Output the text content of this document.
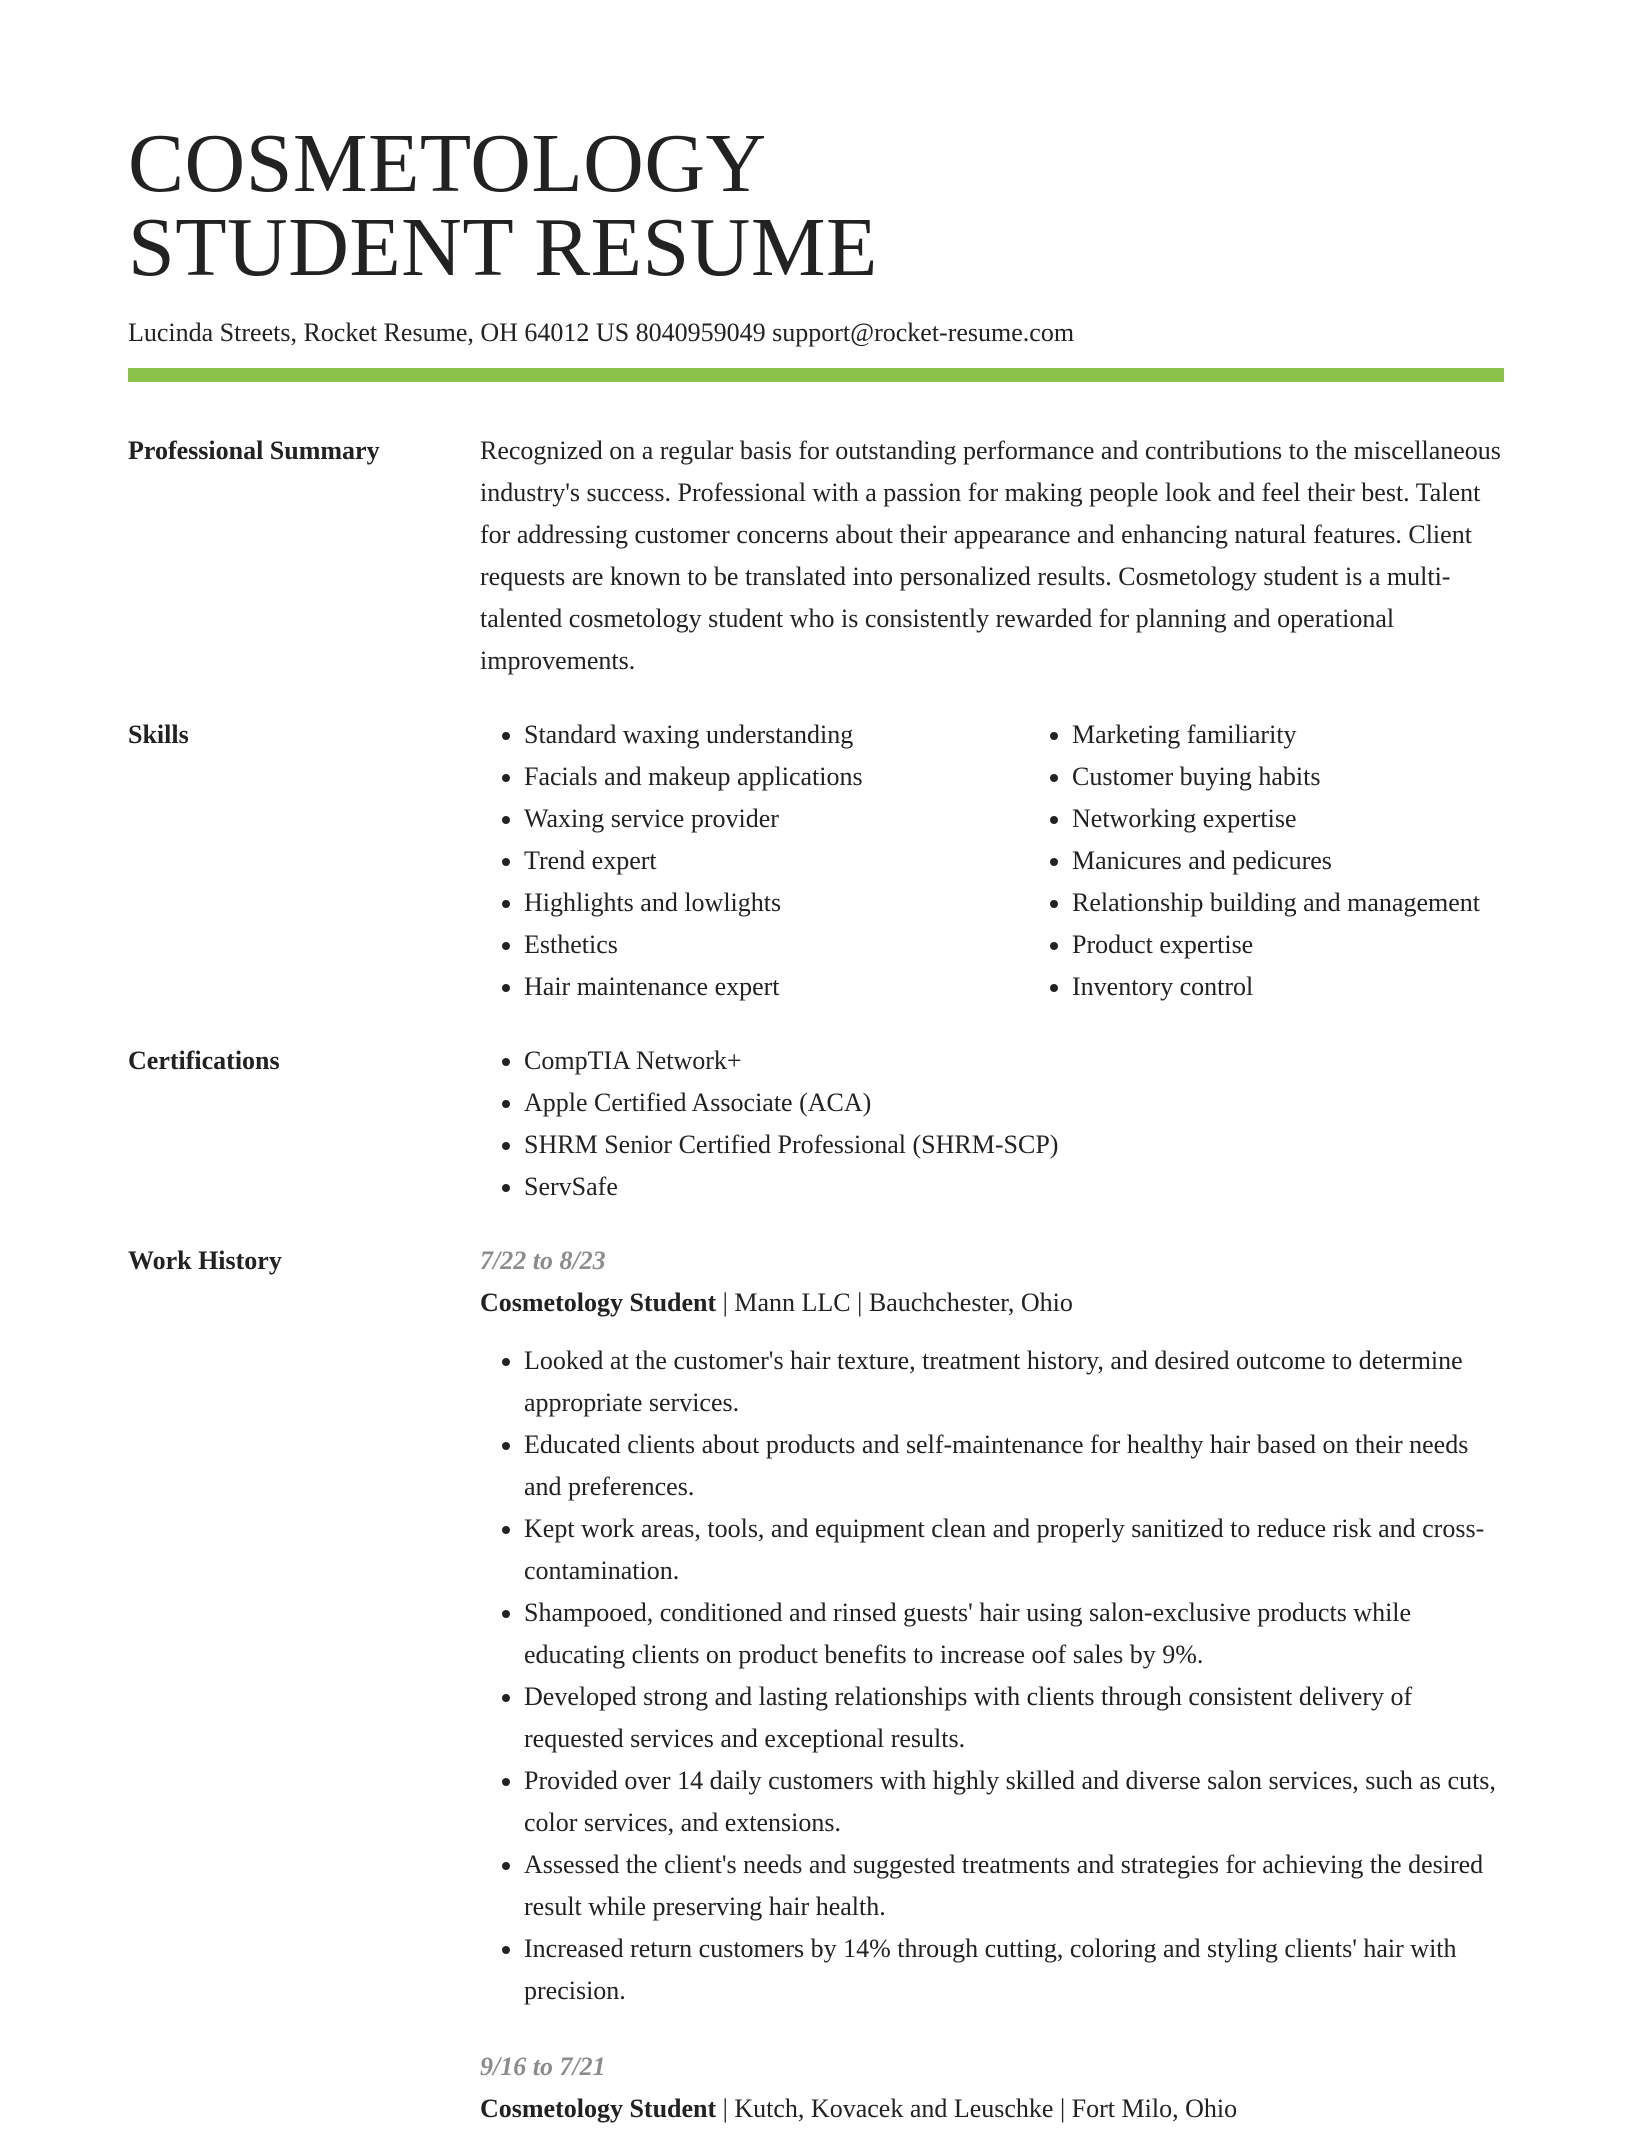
COSMETOLOGY
STUDENT RESUME
Lucinda Streets, Rocket Resume, OH 64012 US 8040959049 support@rocket-resume.com
Professional Summary	Recognized on a regular basis for outstanding performance and contributions to the miscellaneous industry's success. Professional with a passion for making people look and feel their best. Talent for addressing customer concerns about their appearance and enhancing natural features. Client requests are known to be translated into personalized results. Cosmetology student is a multi-talented cosmetology student who is consistently rewarded for planning and operational improvements.
Skills	• Standard waxing understanding
• Facials and makeup applications
• Waxing service provider
• Trend expert
• Highlights and lowlights
• Esthetics
• Hair maintenance expert
• Marketing familiarity
• Customer buying habits
• Networking expertise
• Manicures and pedicures
• Relationship building and management
• Product expertise
• Inventory control
Certifications	• CompTIA Network+
• Apple Certified Associate (ACA)
• SHRM Senior Certified Professional (SHRM-SCP)
• ServSafe
Work History	7/22 to 8/23
Cosmetology Student | Mann LLC | Bauchchester, Ohio
• Looked at the customer's hair texture, treatment history, and desired outcome to determine appropriate services.
• Educated clients about products and self-maintenance for healthy hair based on their needs and preferences.
• Kept work areas, tools, and equipment clean and properly sanitized to reduce risk and cross-contamination.
• Shampooed, conditioned and rinsed guests' hair using salon-exclusive products while educating clients on product benefits to increase oof sales by 9%.
• Developed strong and lasting relationships with clients through consistent delivery of requested services and exceptional results.
• Provided over 14 daily customers with highly skilled and diverse salon services, such as cuts, color services, and extensions.
• Assessed the client's needs and suggested treatments and strategies for achieving the desired result while preserving hair health.
• Increased return customers by 14% through cutting, coloring and styling clients' hair with precision.
9/16 to 7/21
Cosmetology Student | Kutch, Kovacek and Leuschke | Fort Milo, Ohio
